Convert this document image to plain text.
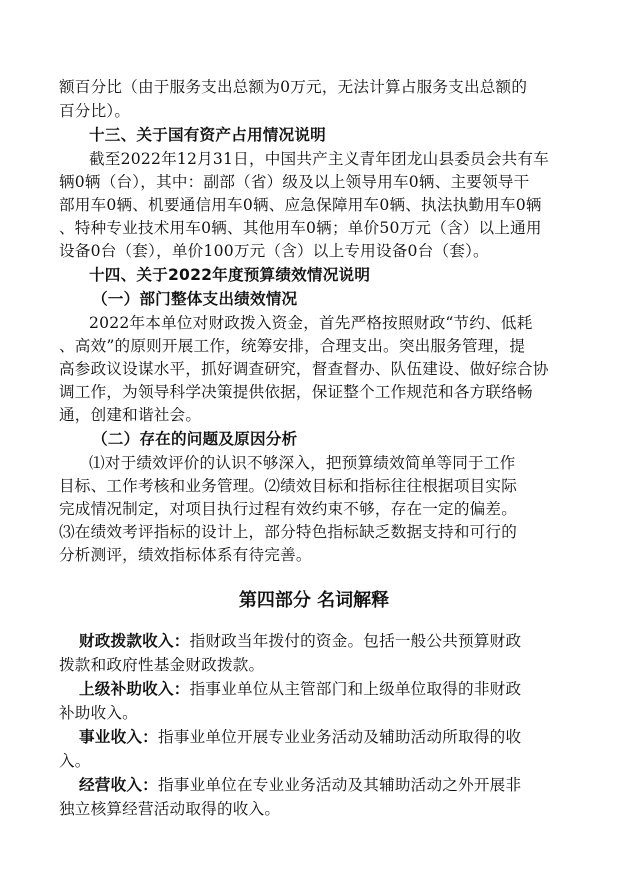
额百分比（由于服务支出总额为0万元，无法计算占服务支出总额的
百分比）。
十三、关于国有资产占用情况说明
截至2022年12月31日，中国共产主义青年团龙山县委员会共有车
辆0辆（台），其中：副部（省）级及以上领导用车0辆、主要领导干
部用车0辆、机要通信用车0辆、应急保障用车0辆、执法执勤用车0辆
、特种专业技术用车0辆、其他用车0辆；单价50万元（含）以上通用
设备0台（套），单价100万元（含）以上专用设备0台（套）。
十四、关于2022年度预算绩效情况说明
（一）部门整体支出绩效情况
2022年本单位对财政拨入资金，首先严格按照财政“节约、低耗
、高效”的原则开展工作，统筹安排，合理支出。突出服务管理，提
高参政议设谋水平，抓好调查研究，督查督办、队伍建设、做好综合协
调工作，为领导科学决策提供依据，保证整个工作规范和各方联络畅
通，创建和谐社会。
（二）存在的问题及原因分析
⑴对于绩效评价的认识不够深入，把预算绩效简单等同于工作
目标、工作考核和业务管理。⑵绩效目标和指标往往根据项目实际
完成情况制定，对项目执行过程有效约束不够，存在一定的偏差。
⑶在绩效考评指标的设计上，部分特色指标缺乏数据支持和可行的
分析测评，绩效指标体系有待完善。
第四部分 名词解释
财政拨款收入：指财政当年拨付的资金。包括一般公共预算财政
拨款和政府性基金财政拨款。
上级补助收入：指事业单位从主管部门和上级单位取得的非财政
补助收入。
事业收入：指事业单位开展专业业务活动及辅助活动所取得的收
入。
经营收入：指事业单位在专业业务活动及其辅助活动之外开展非
独立核算经营活动取得的收入。
